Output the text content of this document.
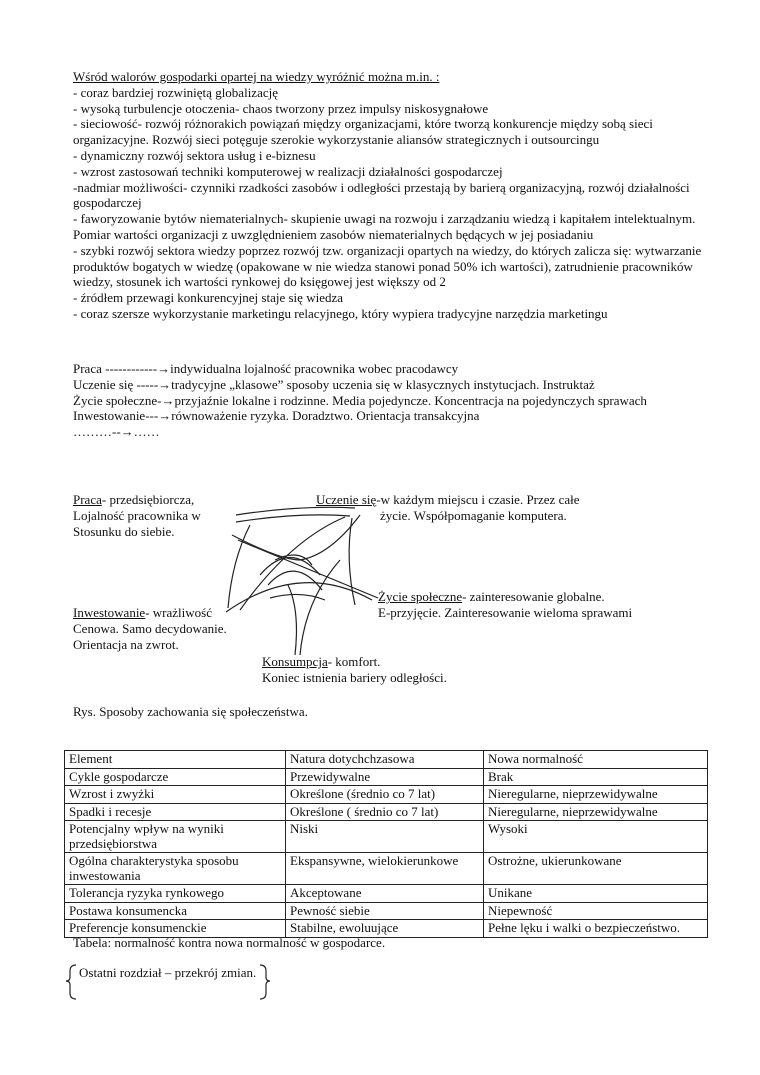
Wśród walorów gospodarki opartej na wiedzy wyróżnić można m.in. :

- coraz bardziej rozwiniętą globalizację

- wysoką turbulencje otoczenia- chaos tworzony przez impulsy niskosygnałowe

- sieciowość- rozwój różnorakich powiązań między organizacjami, które tworzą konkurencje między sobą sieci organizacyjne. Rozwój sieci potęguje szerokie wykorzystanie aliansów strategicznych i outsourcingu

- dynamiczny rozwój sektora usług i e-biznesu

- wzrost zastosowań techniki komputerowej w realizacji działalności gospodarczej

-nadmiar możliwości- czynniki rzadkości zasobów i odległości przestają by barierą organizacyjną, rozwój działalności gospodarczej

- faworyzowanie bytów niematerialnych- skupienie uwagi na rozwoju i zarządzaniu wiedzą i kapitałem intelektualnym. Pomiar wartości organizacji z uwzględnieniem zasobów niematerialnych będących w jej posiadaniu

- szybki rozwój sektora wiedzy poprzez rozwój tzw. organizacji opartych na wiedzy, do których zalicza się: wytwarzanie produktów bogatych w wiedzę (opakowane w nie wiedza stanowi ponad 50% ich wartości), zatrudnienie pracowników wiedzy, stosunek ich wartości rynkowej do księgowej jest większy od 2

- źródłem przewagi konkurencyjnej staje się wiedza

- coraz szersze wykorzystanie marketingu relacyjnego, który wypiera tradycyjne narzędzia marketingu

Praca ------------→indywidualna lojalność pracownika wobec pracodawcy

Uczenie się -----→tradycyjne „klasowe” sposoby uczenia się w klasycznych instytucjach. Instruktaż

Życie społeczne-→przyjaźnie lokalne i rodzinne. Media pojedyncze. Koncentracja na pojedynczych sprawach

Inwestowanie---→równoważenie ryzyka. Doradztwo. Orientacja transakcyjna

………--→……

Praca- przedsiębiorcza,
Lojalność pracownika w
Stosunku do siebie.
Uczenie się-w każdym miejscu i czasie. Przez całe
życie. Współpomaganie komputera.
Życie społeczne- zainteresowanie globalne.
E-przyjęcie. Zainteresowanie wieloma sprawami
Inwestowanie- wrażliwość
Cenowa. Samo decydowanie.
Orientacja na zwrot.
Konsumpcja- komfort.
Koniec istnienia bariery odległości.
Rys. Sposoby zachowania się społeczeństwa.
Element	Natura dotychchzasowa	Nowa normalność
Cykle gospodarcze	Przewidywalne	Brak
Wzrost i zwyżki	Określone (średnio co 7 lat)	Nieregularne, nieprzewidywalne
Spadki i recesje	Określone ( średnio co 7 lat)	Nieregularne, nieprzewidywalne
Potencjalny wpływ na wyniki przedsiębiorstwa	Niski	Wysoki
Ogólna charakterystyka sposobu inwestowania	Ekspansywne, wielokierunkowe	Ostrożne, ukierunkowane
Tolerancja ryzyka rynkowego	Akceptowane	Unikane
Postawa konsumencka	Pewność siebie	Niepewność
Preferencje konsumenckie	Stabilne, ewoluujące	Pełne lęku i walki o bezpieczeństwo.
Tabela: normalność kontra nowa normalność w gospodarce.
Ostatni rozdział – przekrój zmian.
